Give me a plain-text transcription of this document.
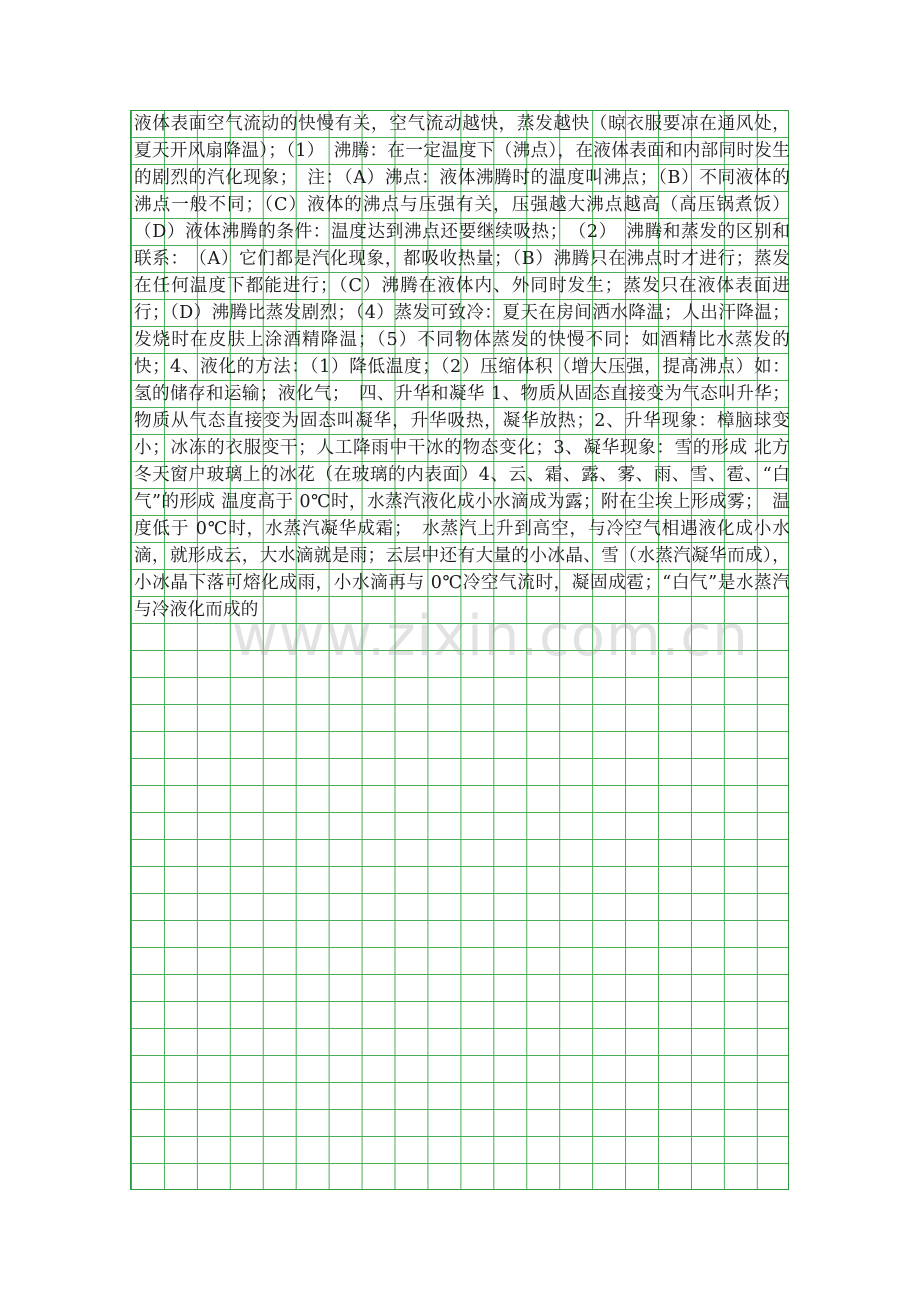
液体表面空气流动的快慢有关，空气流动越快，蒸发越快（晾衣服要凉在通风处，夏天开风扇降温）；（1）　沸腾：在一定温度下（沸点），在液体表面和内部同时发生的剧烈的汽化现象；　注：（A）沸点：液体沸腾时的温度叫沸点；（B）不同液体的沸点一般不同；（C）液体的沸点与压强有关，压强越大沸点越高（高压锅煮饭）（D）液体沸腾的条件：温度达到沸点还要继续吸热；　（2）　沸腾和蒸发的区别和联系：　（A）它们都是汽化现象，都吸收热量；（B）沸腾只在沸点时才进行；蒸发在任何温度下都能进行；（C）沸腾在液体内、外同时发生；蒸发只在液体表面进行；（D）沸腾比蒸发剧烈；（4）蒸发可致冷：夏天在房间洒水降温；人出汗降温；发烧时在皮肤上涂酒精降温；（5）不同物体蒸发的快慢不同：如酒精比水蒸发的快；4、液化的方法：（1）降低温度；（2）压缩体积（增大压强，提高沸点）如：氢的储存和运输；液化气；　四、升华和凝华 1、物质从固态直接变为气态叫升华；物质从气态直接变为固态叫凝华，升华吸热，凝华放热；2、升华现象：樟脑球变小；冰冻的衣服变干；人工降雨中干冰的物态变化；3、凝华现象：雪的形成 北方冬天窗户玻璃上的冰花（在玻璃的内表面）4、云、霜、露、雾、雨、雪、雹、“白气”的形成 温度高于 0℃时，水蒸汽液化成小水滴成为露；附在尘埃上形成雾；　温度低于 0℃时，水蒸汽凝华成霜；　水蒸汽上升到高空，与冷空气相遇液化成小水滴，就形成云，大水滴就是雨；云层中还有大量的小冰晶、雪（水蒸汽凝华而成），小冰晶下落可熔化成雨，小水滴再与 0℃冷空气流时，凝固成雹；“白气”是水蒸汽与冷液化而成的

www.zixin.com.cn
